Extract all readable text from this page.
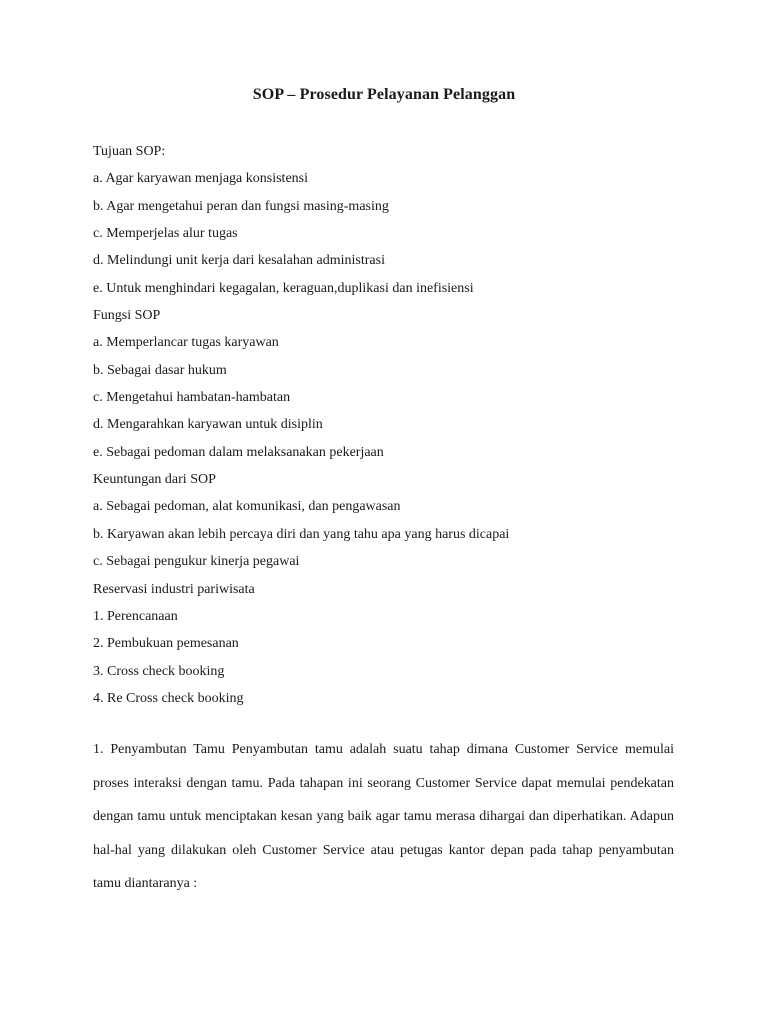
SOP – Prosedur Pelayanan Pelanggan
Tujuan SOP:
a. Agar karyawan menjaga konsistensi
b. Agar mengetahui peran dan fungsi masing-masing
c. Memperjelas alur tugas
d. Melindungi unit kerja dari kesalahan administrasi
e. Untuk menghindari kegagalan, keraguan,duplikasi dan inefisiensi
Fungsi SOP
a. Memperlancar tugas karyawan
b. Sebagai dasar hukum
c. Mengetahui hambatan-hambatan
d. Mengarahkan karyawan untuk disiplin
e. Sebagai pedoman dalam melaksanakan pekerjaan
Keuntungan dari SOP
a. Sebagai pedoman, alat komunikasi, dan pengawasan
b. Karyawan akan lebih percaya diri dan yang tahu apa yang harus dicapai
c. Sebagai pengukur kinerja pegawai
Reservasi industri pariwisata
1. Perencanaan
2. Pembukuan pemesanan
3. Cross check booking
4. Re Cross check booking

1. Penyambutan Tamu Penyambutan tamu adalah suatu tahap dimana Customer Service memulai proses interaksi dengan tamu. Pada tahapan ini seorang Customer Service dapat memulai pendekatan dengan tamu untuk menciptakan kesan yang baik agar tamu merasa dihargai dan diperhatikan. Adapun hal-hal yang dilakukan oleh Customer Service atau petugas kantor depan pada tahap penyambutan tamu diantaranya :
